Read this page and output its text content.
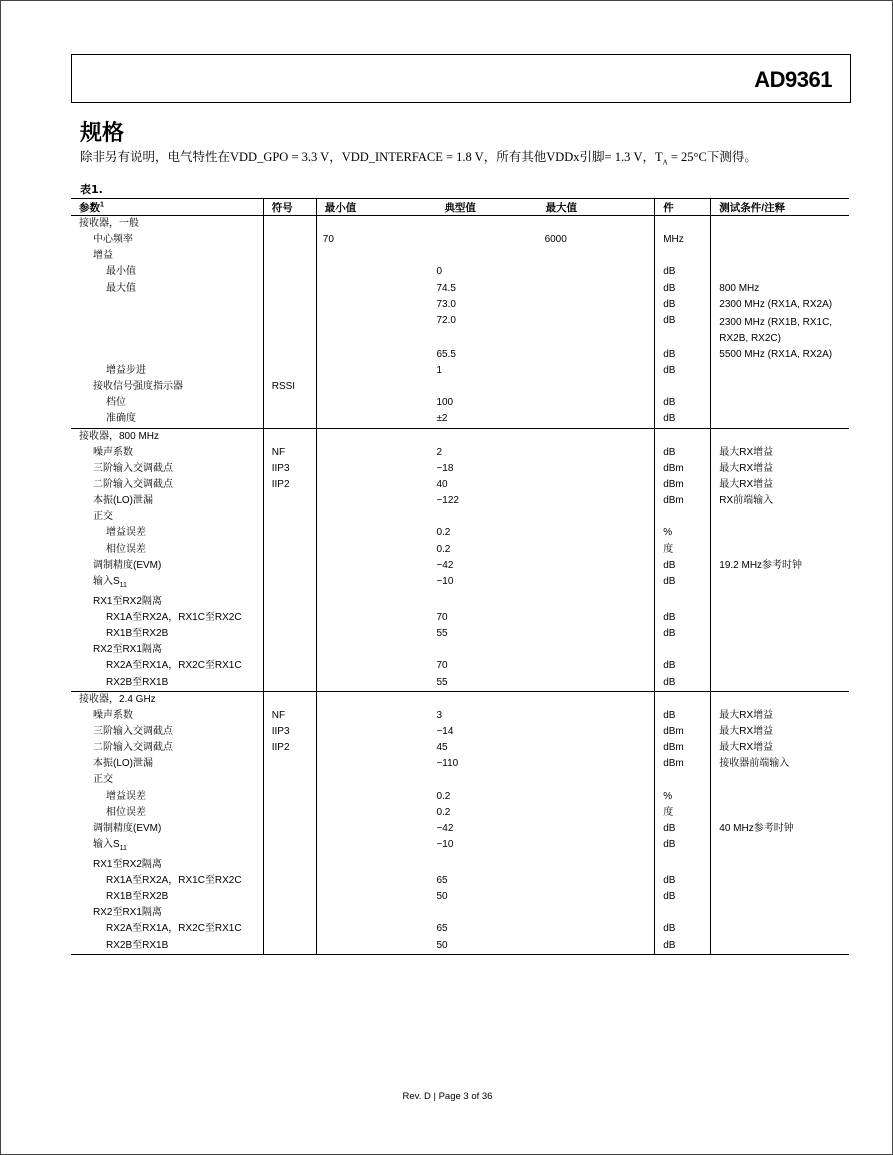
AD9361
规格
除非另有说明，电气特性在VDD_GPO = 3.3 V，VDD_INTERFACE = 1.8 V，所有其他VDDx引脚= 1.3 V，$T_A = 25^\circ C$下测得。
表1.
参数$^1$	符号	最小值	典型值	最大值	件	测试条件/注释
接收器，一般						
中心频率		70		6000	MHz	
增益						
最小值			0		dB	
最大值			74.5		dB	800 MHz
			73.0		dB	2300 MHz (RX1A, RX2A)
			72.0		dB	2300 MHz (RX1B, RX1C, RX2B, RX2C)
			65.5		dB	5500 MHz (RX1A, RX2A)
增益步进			1		dB	
接收信号强度指示器	RSSI					
档位			100		dB	
准确度			±2		dB	
接收器，800 MHz						
噪声系数	NF		2		dB	最大RX增益
三阶输入交调截点	IIP3		−18		dBm	最大RX增益
二阶输入交调截点	IIP2		40		dBm	最大RX增益
本振(LO)泄漏			−122		dBm	RX前端输入
正交						
增益误差			0.2		%	
相位误差			0.2		度	
调制精度(EVM)			−42		dB	19.2 MHz参考时钟
输入$S_{11}$			−10		dB	
RX1至RX2隔离						
RX1A至RX2A，RX1C至RX2C			70		dB	
RX1B至RX2B			55		dB	
RX2至RX1隔离						
RX2A至RX1A，RX2C至RX1C			70		dB	
RX2B至RX1B			55		dB	
接收器，2.4 GHz						
噪声系数	NF		3		dB	最大RX增益
三阶输入交调截点	IIP3		−14		dBm	最大RX增益
二阶输入交调截点	IIP2		45		dBm	最大RX增益
本振(LO)泄漏			−110		dBm	接收器前端输入
正交						
增益误差			0.2		%	
相位误差			0.2		度	
调制精度(EVM)			−42		dB	40 MHz参考时钟
输入$S_{11}$			−10		dB	
RX1至RX2隔离						
RX1A至RX2A，RX1C至RX2C			65		dB	
RX1B至RX2B			50		dB	
RX2至RX1隔离						
RX2A至RX1A，RX2C至RX1C			65		dB	
RX2B至RX1B			50		dB	
Rev. D | Page 3 of 36
